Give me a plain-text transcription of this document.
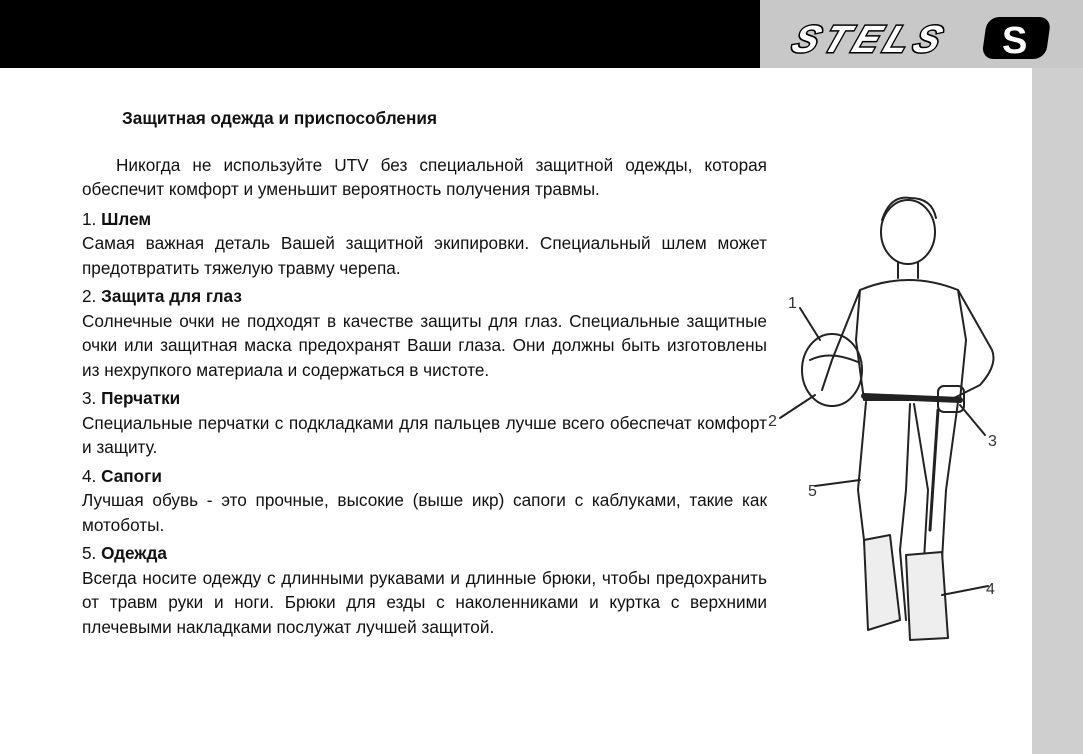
STELS S
Защитная одежда и приспособления

Никогда не используйте UTV без специальной защитной одежды, которая обеспечит комфорт и уменьшит вероятность получения травмы.

1. Шлем

Самая важная деталь Вашей защитной экипировки. Специальный шлем может предотвратить тяжелую травму черепа.

2. Защита для глаз

Солнечные очки не подходят в качестве защиты для глаз. Специальные защитные очки или защитная маска предохранят Ваши глаза. Они должны быть изготовлены из нехрупкого материала и содержаться в чистоте.

3. Перчатки

Специальные перчатки с подкладками для пальцев лучше всего обеспечат комфорт и защиту.

4. Сапоги

Лучшая обувь - это прочные, высокие (выше икр) сапоги с каблуками, такие как мотоботы.

5. Одежда

Всегда носите одежду с длинными рукавами и длинные брюки, чтобы предохранить от травм руки и ноги. Брюки для езды с наколенниками и куртка с верхними плечевыми накладками послужат лучшей защитой.

1
2
3
4
5
